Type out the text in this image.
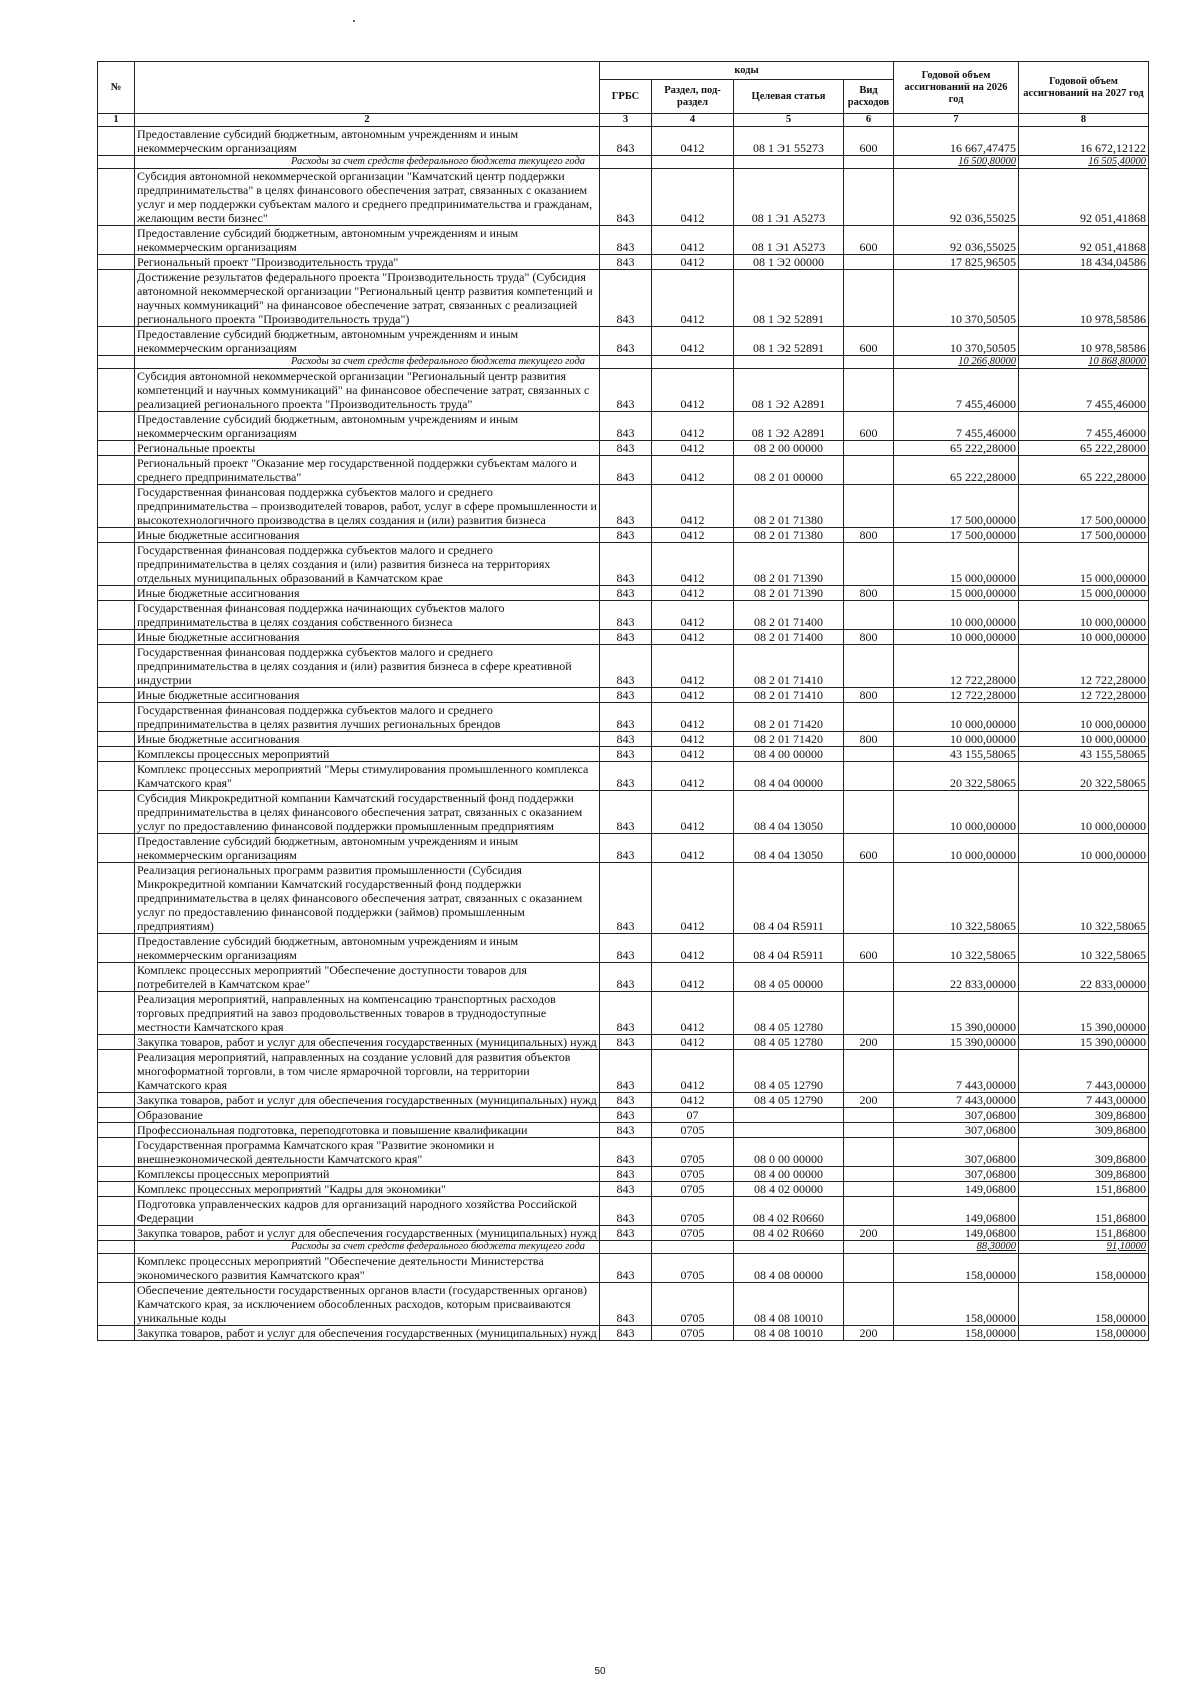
№		коды				Годовой объем ассигнований на 2026 год	Годовой объем ассигнований на 2027 год
		ГРБС	Раздел, под-раздел	Целевая статья	Вид расходов		
1	2	3	4	5	6	7	8
	Предоставление субсидий бюджетным, автономным учреждениям и иным некоммерческим организациям	843	0412	08 1 Э1 55273	600	16 667,47475	16 672,12122
	Расходы за счет средств федерального бюджета текущего года					16 500,80000	16 505,40000
	Субсидия автономной некоммерческой организации "Камчатский центр поддержки предпринимательства" в целях финансового обеспечения затрат, связанных с оказанием услуг и мер поддержки субъектам малого и среднего предпринимательства и гражданам, желающим вести бизнес"	843	0412	08 1 Э1 А5273		92 036,55025	92 051,41868
	Предоставление субсидий бюджетным, автономным учреждениям и иным некоммерческим организациям	843	0412	08 1 Э1 А5273	600	92 036,55025	92 051,41868
	Региональный проект "Производительность труда"	843	0412	08 1 Э2 00000		17 825,96505	18 434,04586
	Достижение результатов федерального проекта "Производительность труда" (Субсидия автономной некоммерческой организации "Региональный центр развития компетенций и научных коммуникаций" на финансовое обеспечение затрат, связанных с реализацией регионального проекта "Производительность труда")	843	0412	08 1 Э2 52891		10 370,50505	10 978,58586
	Предоставление субсидий бюджетным, автономным учреждениям и иным некоммерческим организациям	843	0412	08 1 Э2 52891	600	10 370,50505	10 978,58586
	Расходы за счет средств федерального бюджета текущего года					10 266,80000	10 868,80000
	Субсидия автономной некоммерческой организации "Региональный центр развития компетенций и научных коммуникаций" на финансовое обеспечение затрат, связанных с реализацией регионального проекта "Производительность труда"	843	0412	08 1 Э2 А2891		7 455,46000	7 455,46000
	Предоставление субсидий бюджетным, автономным учреждениям и иным некоммерческим организациям	843	0412	08 1 Э2 А2891	600	7 455,46000	7 455,46000
	Региональные проекты	843	0412	08 2 00 00000		65 222,28000	65 222,28000
	Региональный проект "Оказание мер государственной поддержки субъектам малого и среднего предпринимательства"	843	0412	08 2 01 00000		65 222,28000	65 222,28000
	Государственная финансовая поддержка субъектов малого и среднего предпринимательства – производителей товаров, работ, услуг в сфере промышленности и высокотехнологичного производства в целях создания и (или) развития бизнеса	843	0412	08 2 01 71380		17 500,00000	17 500,00000
	Иные бюджетные ассигнования	843	0412	08 2 01 71380	800	17 500,00000	17 500,00000
	Государственная финансовая поддержка субъектов малого и среднего предпринимательства в целях создания и (или) развития бизнеса на территориях отдельных муниципальных образований в Камчатском крае	843	0412	08 2 01 71390		15 000,00000	15 000,00000
	Иные бюджетные ассигнования	843	0412	08 2 01 71390	800	15 000,00000	15 000,00000
	Государственная финансовая поддержка начинающих субъектов малого предпринимательства в целях создания собственного бизнеса	843	0412	08 2 01 71400		10 000,00000	10 000,00000
	Иные бюджетные ассигнования	843	0412	08 2 01 71400	800	10 000,00000	10 000,00000
	Государственная финансовая поддержка субъектов малого и среднего предпринимательства в целях создания и (или) развития бизнеса в сфере креативной индустрии	843	0412	08 2 01 71410		12 722,28000	12 722,28000
	Иные бюджетные ассигнования	843	0412	08 2 01 71410	800	12 722,28000	12 722,28000
	Государственная финансовая поддержка субъектов малого и среднего предпринимательства в целях развития лучших региональных брендов	843	0412	08 2 01 71420		10 000,00000	10 000,00000
	Иные бюджетные ассигнования	843	0412	08 2 01 71420	800	10 000,00000	10 000,00000
	Комплексы процессных мероприятий	843	0412	08 4 00 00000		43 155,58065	43 155,58065
	Комплекс процессных мероприятий "Меры стимулирования промышленного комплекса Камчатского края"	843	0412	08 4 04 00000		20 322,58065	20 322,58065
	Субсидия Микрокредитной компании Камчатский государственный фонд поддержки предпринимательства в целях финансового обеспечения затрат, связанных с оказанием услуг по предоставлению финансовой поддержки промышленным предприятиям	843	0412	08 4 04 13050		10 000,00000	10 000,00000
	Предоставление субсидий бюджетным, автономным учреждениям и иным некоммерческим организациям	843	0412	08 4 04 13050	600	10 000,00000	10 000,00000
	Реализация региональных программ развития промышленности (Субсидия Микрокредитной компании Камчатский государственный фонд поддержки предпринимательства в целях финансового обеспечения затрат, связанных с оказанием услуг по предоставлению финансовой поддержки (займов) промышленным предприятиям)	843	0412	08 4 04 R5911		10 322,58065	10 322,58065
	Предоставление субсидий бюджетным, автономным учреждениям и иным некоммерческим организациям	843	0412	08 4 04 R5911	600	10 322,58065	10 322,58065
	Комплекс процессных мероприятий "Обеспечение доступности товаров для потребителей в Камчатском крае"	843	0412	08 4 05 00000		22 833,00000	22 833,00000
	Реализация мероприятий, направленных на компенсацию транспортных расходов торговых предприятий на завоз продовольственных товаров в труднодоступные местности Камчатского края	843	0412	08 4 05 12780		15 390,00000	15 390,00000
	Закупка товаров, работ и услуг для обеспечения государственных (муниципальных) нужд	843	0412	08 4 05 12780	200	15 390,00000	15 390,00000
	Реализация мероприятий, направленных на создание условий для развития объектов многоформатной торговли, в том числе ярмарочной торговли, на территории Камчатского края	843	0412	08 4 05 12790		7 443,00000	7 443,00000
	Закупка товаров, работ и услуг для обеспечения государственных (муниципальных) нужд	843	0412	08 4 05 12790	200	7 443,00000	7 443,00000
	Образование	843	07			307,06800	309,86800
	Профессиональная подготовка, переподготовка и повышение квалификации	843	0705			307,06800	309,86800
	Государственная программа Камчатского края "Развитие экономики и внешнеэкономической деятельности Камчатского края"	843	0705	08 0 00 00000		307,06800	309,86800
	Комплексы процессных мероприятий	843	0705	08 4 00 00000		307,06800	309,86800
	Комплекс процессных мероприятий "Кадры для экономики"	843	0705	08 4 02 00000		149,06800	151,86800
	Подготовка управленческих кадров для организаций народного хозяйства Российской Федерации	843	0705	08 4 02 R0660		149,06800	151,86800
	Закупка товаров, работ и услуг для обеспечения государственных (муниципальных) нужд	843	0705	08 4 02 R0660	200	149,06800	151,86800
	Расходы за счет средств федерального бюджета текущего года					88,30000	91,10000
	Комплекс процессных мероприятий "Обеспечение деятельности Министерства экономического развития Камчатского края"	843	0705	08 4 08 00000		158,00000	158,00000
	Обеспечение деятельности государственных органов власти (государственных органов) Камчатского края, за исключением обособленных расходов, которым присваиваются уникальные коды	843	0705	08 4 08 10010		158,00000	158,00000
	Закупка товаров, работ и услуг для обеспечения государственных (муниципальных) нужд	843	0705	08 4 08 10010	200	158,00000	158,00000
50
